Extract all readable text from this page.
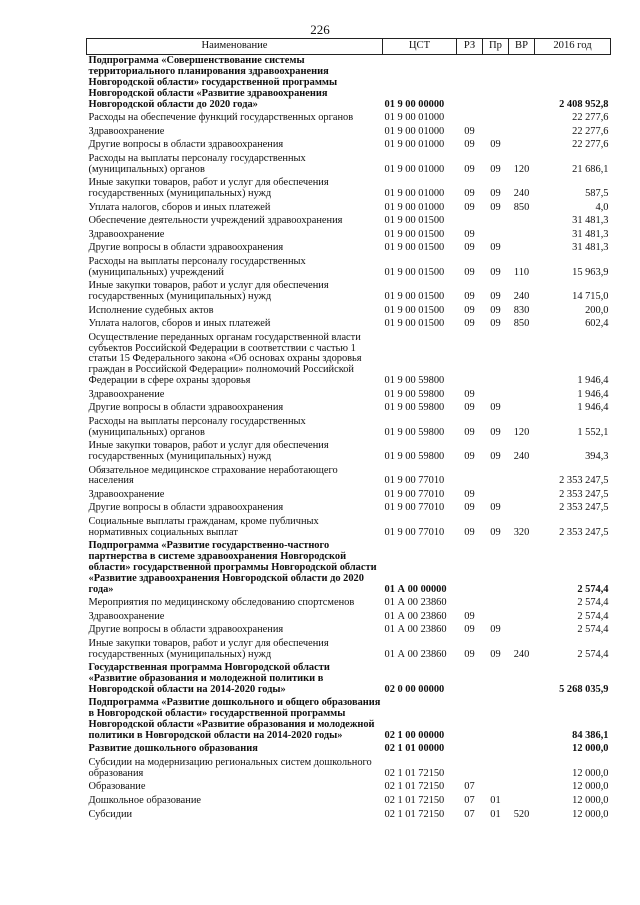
226
Наименование	ЦСТ	РЗ	Пр	ВР	2016 год
Подпрограмма «Совершенствование системы территориального планирования здравоохранения Новгородской области» государственной программы Новгородской области «Развитие здравоохранения Новгородской области до 2020 года»	01 9 00 00000				2 408 952,8
Расходы на обеспечение функций государственных органов	01 9 00 01000				22 277,6
Здравоохранение	01 9 00 01000	09			22 277,6
Другие вопросы в области здравоохранения	01 9 00 01000	09	09		22 277,6
Расходы на выплаты персоналу государственных (муниципальных) органов	01 9 00 01000	09	09	120	21 686,1
Иные закупки товаров, работ и услуг для обеспечения государственных (муниципальных) нужд	01 9 00 01000	09	09	240	587,5
Уплата налогов, сборов и иных платежей	01 9 00 01000	09	09	850	4,0
Обеспечение деятельности учреждений здравоохранения	01 9 00 01500				31 481,3
Здравоохранение	01 9 00 01500	09			31 481,3
Другие вопросы в области здравоохранения	01 9 00 01500	09	09		31 481,3
Расходы на выплаты персоналу государственных (муниципальных) учреждений	01 9 00 01500	09	09	110	15 963,9
Иные закупки товаров, работ и услуг для обеспечения государственных (муниципальных) нужд	01 9 00 01500	09	09	240	14 715,0
Исполнение судебных актов	01 9 00 01500	09	09	830	200,0
Уплата налогов, сборов и иных платежей	01 9 00 01500	09	09	850	602,4
Осуществление переданных органам государственной власти субъектов Российской Федерации в соответствии с частью 1 статьи 15 Федерального закона «Об основах охраны здоровья граждан в Российской Федерации» полномочий Российской Федерации в сфере охраны здоровья	01 9 00 59800				1 946,4
Здравоохранение	01 9 00 59800	09			1 946,4
Другие вопросы в области здравоохранения	01 9 00 59800	09	09		1 946,4
Расходы на выплаты персоналу государственных (муниципальных) органов	01 9 00 59800	09	09	120	1 552,1
Иные закупки товаров, работ и услуг для обеспечения государственных (муниципальных) нужд	01 9 00 59800	09	09	240	394,3
Обязательное медицинское страхование неработающего населения	01 9 00 77010				2 353 247,5
Здравоохранение	01 9 00 77010	09			2 353 247,5
Другие вопросы в области здравоохранения	01 9 00 77010	09	09		2 353 247,5
Социальные выплаты гражданам, кроме публичных нормативных социальных выплат	01 9 00 77010	09	09	320	2 353 247,5
Подпрограмма «Развитие государственно-частного партнерства в системе здравоохранения Новгородской области» государственной программы Новгородской области «Развитие здравоохранения Новгородской области до 2020 года»	01 А 00 00000				2 574,4
Мероприятия по медицинскому обследованию спортсменов	01 А 00 23860				2 574,4
Здравоохранение	01 А 00 23860	09			2 574,4
Другие вопросы в области здравоохранения	01 А 00 23860	09	09		2 574,4
Иные закупки товаров, работ и услуг для обеспечения государственных (муниципальных) нужд	01 А 00 23860	09	09	240	2 574,4
Государственная программа Новгородской области «Развитие образования и молодежной политики в Новгородской области на 2014-2020 годы»	02 0 00 00000				5 268 035,9
Подпрограмма «Развитие дошкольного и общего образования в Новгородской области» государственной программы Новгородской области «Развитие образования и молодежной политики в Новгородской области на 2014-2020 годы»	02 1 00 00000				84 386,1
Развитие дошкольного образования	02 1 01 00000				12 000,0
Субсидии на модернизацию региональных систем дошкольного образования	02 1 01 72150				12 000,0
Образование	02 1 01 72150	07			12 000,0
Дошкольное образование	02 1 01 72150	07	01		12 000,0
Субсидии	02 1 01 72150	07	01	520	12 000,0
